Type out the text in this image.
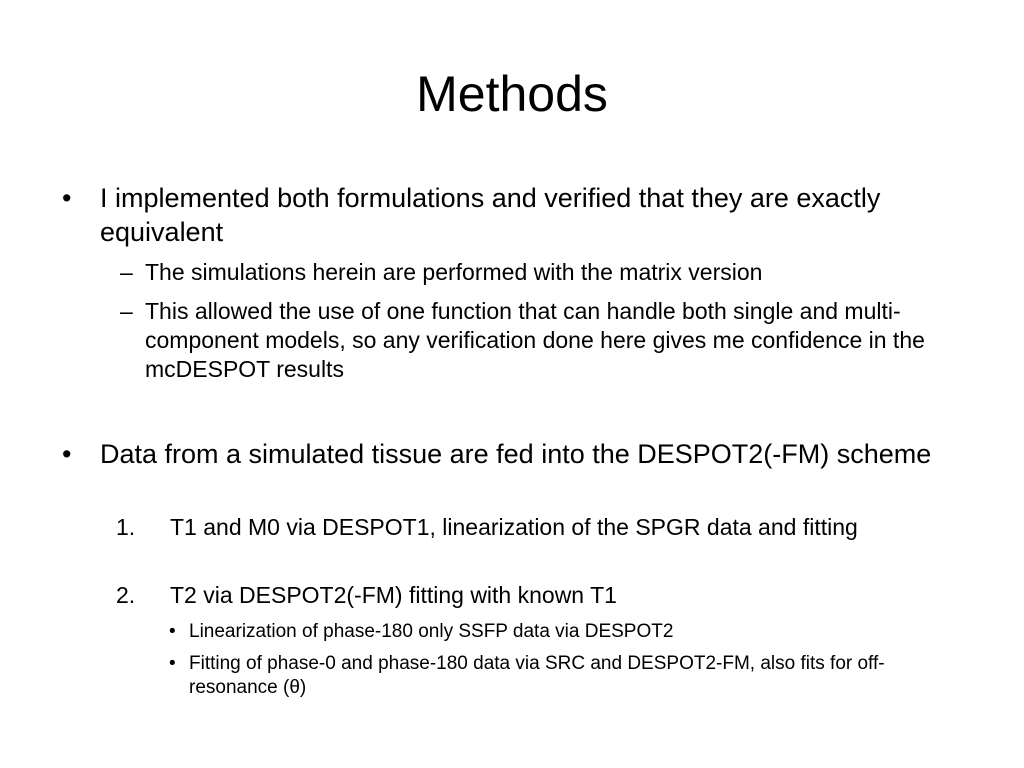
Methods
• I implemented both formulations and verified that they are exactly equivalent
– The simulations herein are performed with the matrix version
– This allowed the use of one function that can handle both single and multi-component models, so any verification done here gives me confidence in the mcDESPOT results
• Data from a simulated tissue are fed into the DESPOT2(-FM) scheme
1. T1 and M0 via DESPOT1, linearization of the SPGR data and fitting
2. T2 via DESPOT2(-FM) fitting with known T1
• Linearization of phase-180 only SSFP data via DESPOT2
• Fitting of phase-0 and phase-180 data via SRC and DESPOT2-FM, also fits for off-resonance (θ)
